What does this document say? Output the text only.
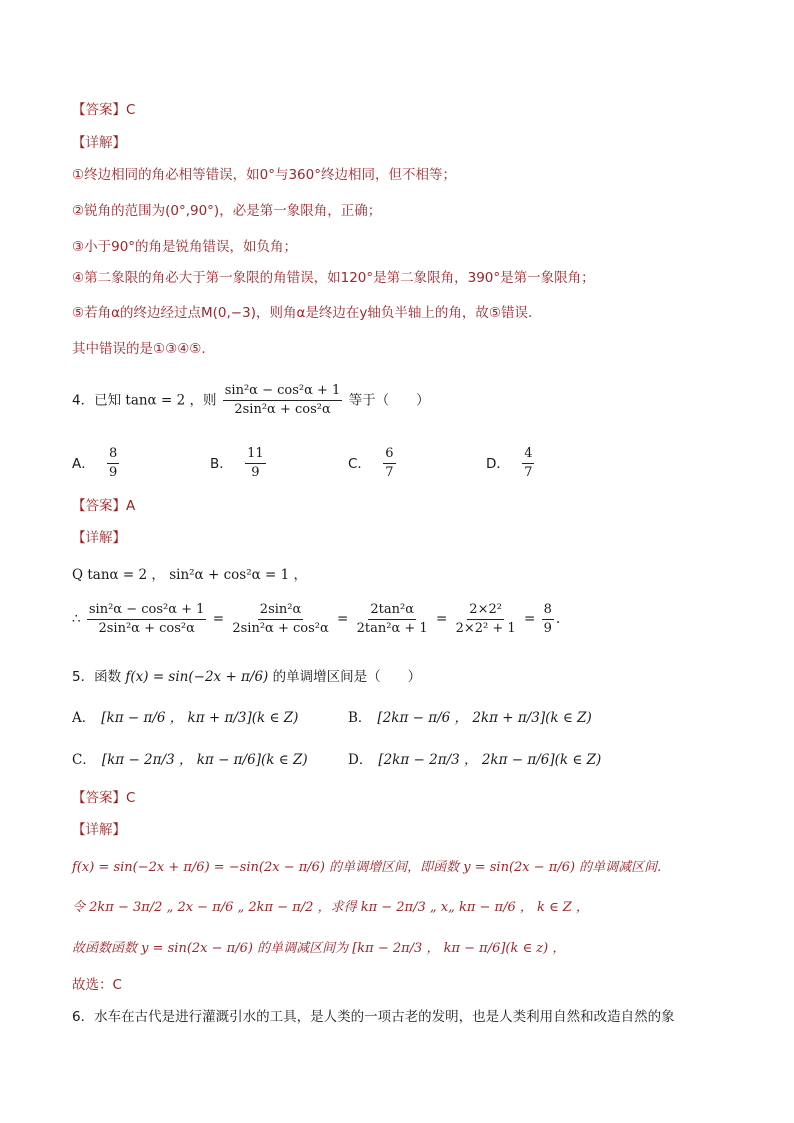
【答案】C
【详解】
①终边相同的角必相等错误，如0°与360°终边相同，但不相等；
②锐角的范围为(0°,90°)，必是第一象限角，正确；
③小于90°的角是锐角错误，如负角；
④第二象限的角必大于第一象限的角错误，如120°是第二象限角，390°是第一象限角；
⑤若角α的终边经过点M(0,−3)，则角α是终边在y轴负半轴上的角，故⑤错误．
其中错误的是①③④⑤.
4．已知 tanα = 2 ，则 $\frac{\text{sin²α − cos²α + 1}}{\text{2sin²α + cos²α}}$ 等于（　　）
A． $\frac{8}{9}$	B． $\frac{11}{9}$	C． $\frac{6}{7}$	D． $\frac{4}{7}$
【答案】A
【详解】
Q tanα = 2 ， sin²α + cos²α = 1 ，
∴ $\frac{\text{sin²α − cos²α + 1}}{\text{2sin²α + cos²α}} = \frac{\text{2sin²α}}{\text{2sin²α + cos²α}} = \frac{\text{2tan²α}}{\text{2tan²α + 1}} = \frac{\text{2×2²}}{\text{2×2² + 1}} = \frac{8}{9}$ .
5．函数 f(x) = sin(−2x + π/6) 的单调增区间是（　　）
A． [kπ − π/6 ， kπ + π/3](k ∈ Z)	B． [2kπ − π/6 ， 2kπ + π/3](k ∈ Z)
C． [kπ − 2π/3 ， kπ − π/6](k ∈ Z)	D． [2kπ − 2π/3 ， 2kπ − π/6](k ∈ Z)
【答案】C
【详解】
f(x) = sin(−2x + π/6) = −sin(2x − π/6) 的单调增区间，即函数 y = sin(2x − π/6) 的单调减区间.
令 2kπ − 3π/2 „ 2x − π/6 „ 2kπ − π/2 ，求得 kπ − 2π/3 „ x„ kπ − π/6 ， k ∈ Z ，
故函数函数 y = sin(2x − π/6) 的单调减区间为 [kπ − 2π/3 ， kπ − π/6](k ∈ z) ，
故选：C
6．水车在古代是进行灌溉引水的工具，是人类的一项古老的发明，也是人类利用自然和改造自然的象
